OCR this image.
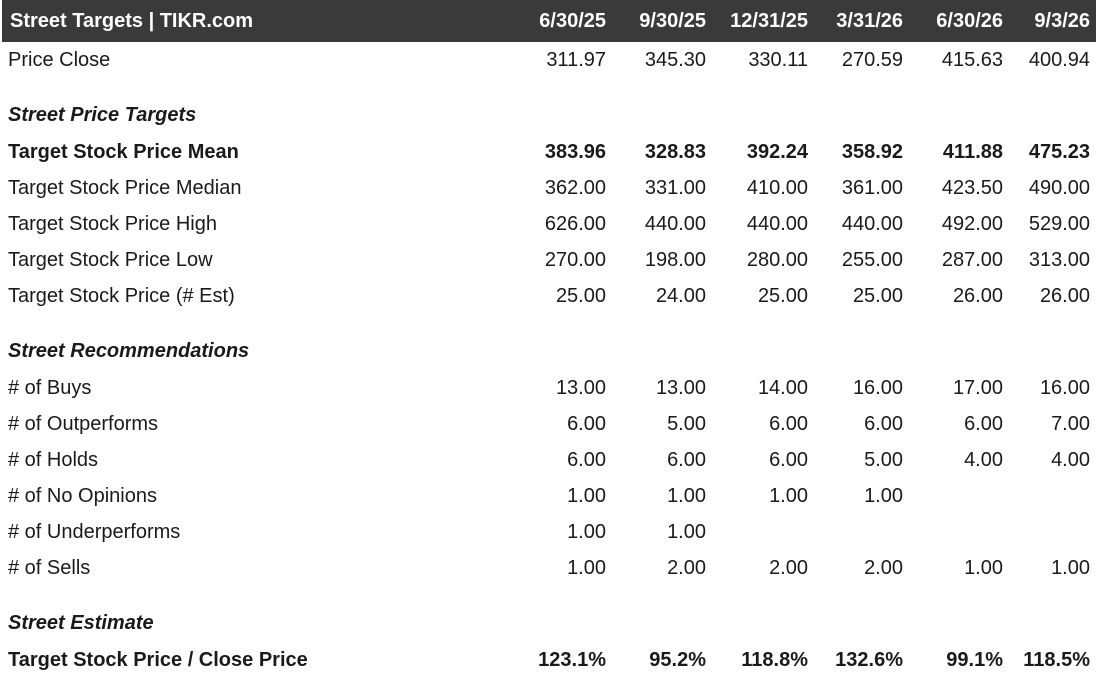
Street Targets | TIKR.com	6/30/25	9/30/25	12/31/25	3/31/26	6/30/26	9/3/26
Price Close	311.97	345.30	330.11	270.59	415.63	400.94
Street Price Targets						
Target Stock Price Mean	383.96	328.83	392.24	358.92	411.88	475.23
Target Stock Price Median	362.00	331.00	410.00	361.00	423.50	490.00
Target Stock Price High	626.00	440.00	440.00	440.00	492.00	529.00
Target Stock Price Low	270.00	198.00	280.00	255.00	287.00	313.00
Target Stock Price (# Est)	25.00	24.00	25.00	25.00	26.00	26.00
Street Recommendations						
# of Buys	13.00	13.00	14.00	16.00	17.00	16.00
# of Outperforms	6.00	5.00	6.00	6.00	6.00	7.00
# of Holds	6.00	6.00	6.00	5.00	4.00	4.00
# of No Opinions	1.00	1.00	1.00	1.00		
# of Underperforms	1.00	1.00				
# of Sells	1.00	2.00	2.00	2.00	1.00	1.00
Street Estimate						
Target Stock Price / Close Price	123.1%	95.2%	118.8%	132.6%	99.1%	118.5%
